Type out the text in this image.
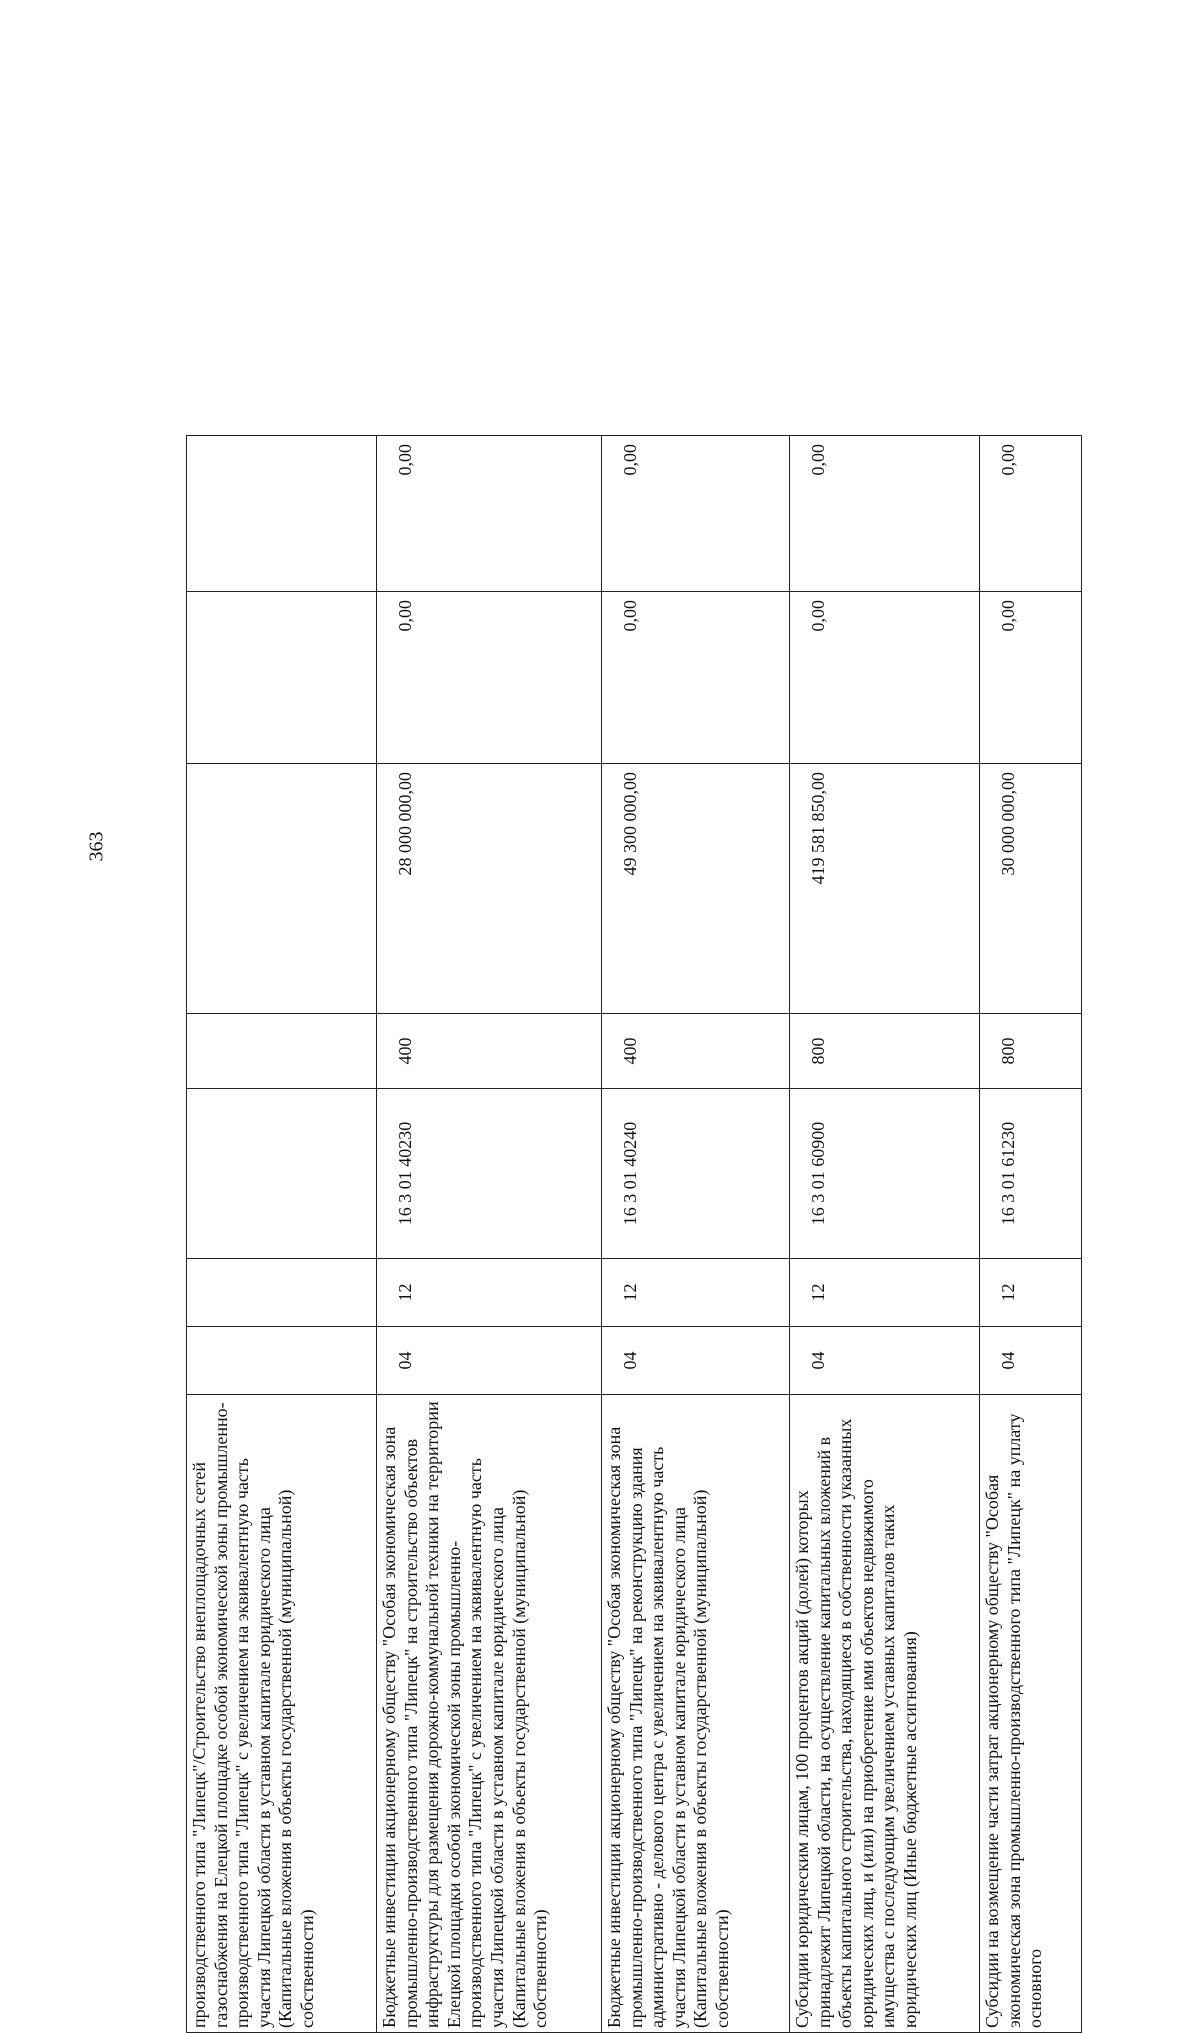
363
производственного типа "Липецк"/Строительство внеплощадочных сетей газоснабжения на Елецкой площадке особой экономической зоны промышленно-производственного типа "Липецк" с увеличением на эквивалентную часть участия Липецкой области в уставном капитале юридического лица (Капитальные вложения в объекты государственной (муниципальной) собственности)							
Бюджетные инвестиции акционерному обществу "Особая экономическая зона промышленно-производственного типа "Липецк" на строительство объектов инфраструктуры для размещения дорожно-коммунальной техники на территории Елецкой площадки особой экономической зоны промышленно-производственного типа "Липецк" с увеличением на эквивалентную часть участия Липецкой области в уставном капитале юридического лица (Капитальные вложения в объекты государственной (муниципальной) собственности)	04	12	16 3 01 40230	400	28 000 000,00	0,00	0,00
Бюджетные инвестиции акционерному обществу "Особая экономическая зона промышленно-производственного типа "Липецк" на реконструкцию здания административно - делового центра с увеличением на эквивалентную часть участия Липецкой области в уставном капитале юридического лица (Капитальные вложения в объекты государственной (муниципальной) собственности)	04	12	16 3 01 40240	400	49 300 000,00	0,00	0,00
Субсидии юридическим лицам, 100 процентов акций (долей) которых принадлежит Липецкой области, на осуществление капитальных вложений в объекты капитального строительства, находящиеся в собственности указанных юридических лиц, и (или) на приобретение ими объектов недвижимого имущества с последующим увеличением уставных капиталов таких юридических лиц (Иные бюджетные ассигнования)	04	12	16 3 01 60900	800	419 581 850,00	0,00	0,00
Субсидии на возмещение части затрат акционерному обществу "Особая экономическая зона промышленно-производственного типа "Липецк" на уплату основного	04	12	16 3 01 61230	800	30 000 000,00	0,00	0,00
